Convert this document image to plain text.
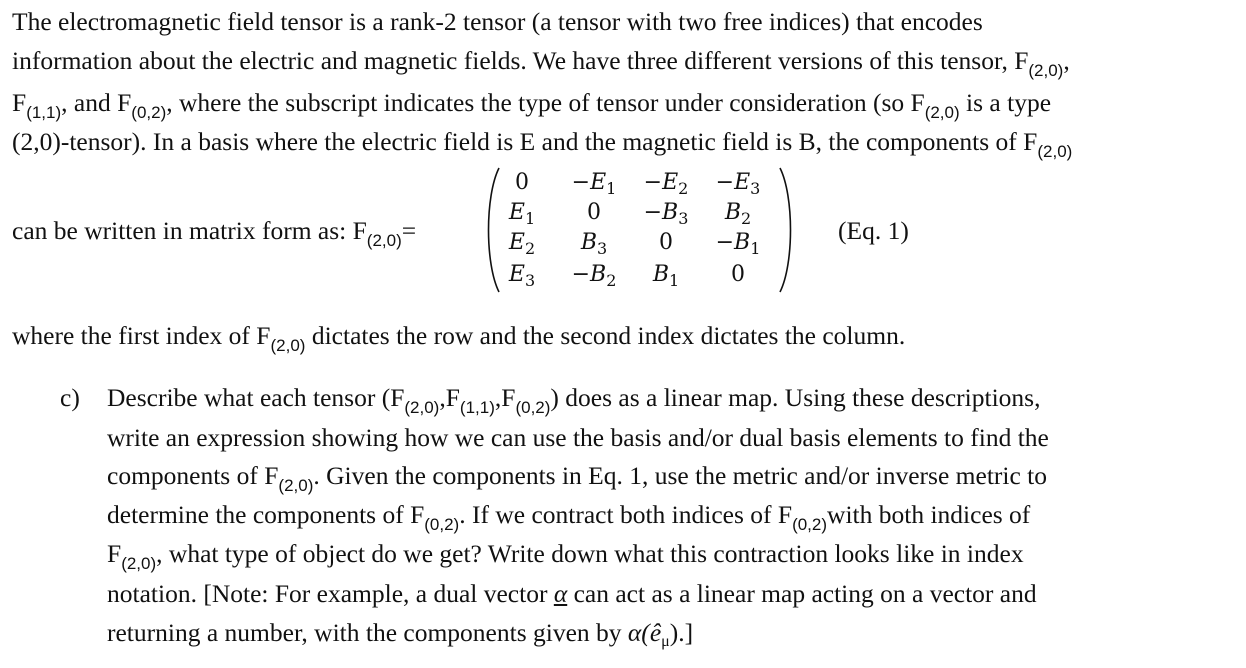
The electromagnetic field tensor is a rank-2 tensor (a tensor with two free indices) that encodes
information about the electric and magnetic fields. We have three different versions of this tensor, $F_{(2,0)}$,
$F_{(1,1)}$, and $F_{(0,2)}$, where the subscript indicates the type of tensor under consideration (so $F_{(2,0)}$ is a type
(2,0)-tensor). In a basis where the electric field is E and the magnetic field is B, the components of $F_{(2,0)}$
can be written in matrix form as: $F_{(2,0)}=$
0	$-E_1$	$-E_2$	$-E_3$
$E_1$	0	$-B_3$	$B_2$
$E_2$	$B_3$	0	$-B_1$
$E_3$	$-B_2$	$B_1$	0
(Eq. 1)
where the first index of $F_{(2,0)}$ dictates the row and the second index dictates the column.
c) Describe what each tensor $(F_{(2,0)},F_{(1,1)},F_{(0,2)})$ does as a linear map. Using these descriptions,
write an expression showing how we can use the basis and/or dual basis elements to find the
components of $F_{(2,0)}$. Given the components in Eq. 1, use the metric and/or inverse metric to
determine the components of $F_{(0,2)}$. If we contract both indices of $F_{(0,2)}with$ both indices of
$F_{(2,0)}$, what type of object do we get? Write down what this contraction looks like in index
notation. [Note: For example, a dual vector α can act as a linear map acting on a vector and
returning a number, with the components given by α(êμ).]
